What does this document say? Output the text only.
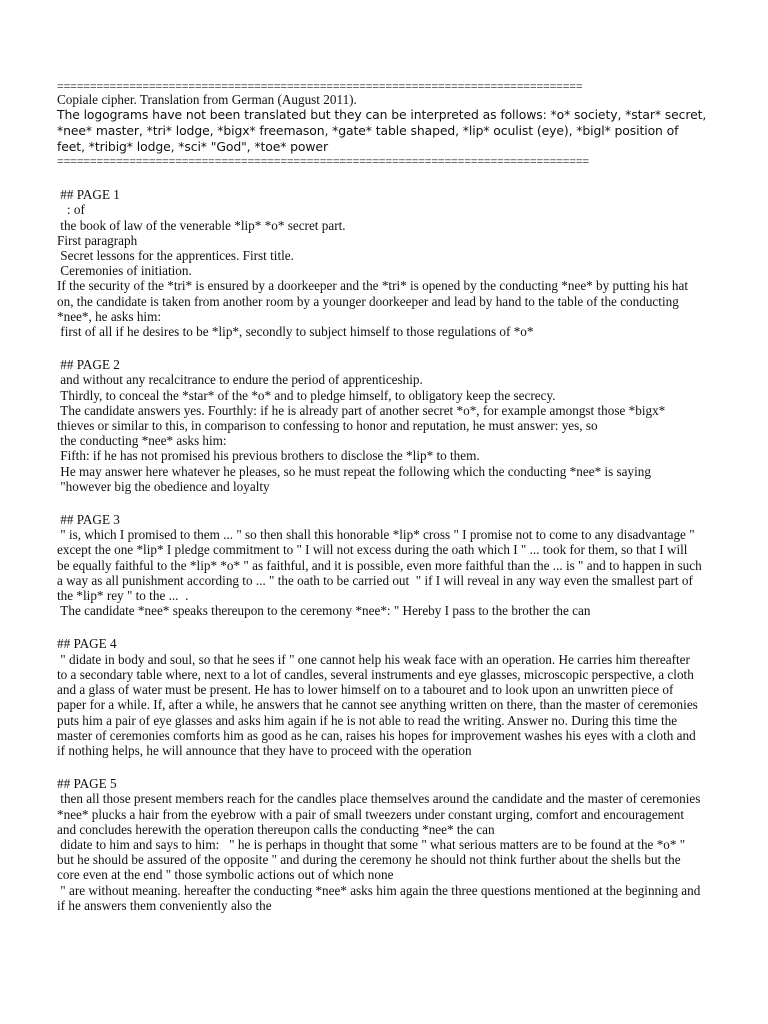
================================================================================

Copiale cipher. Translation from German (August 2011).

The logograms have not been translated but they can be interpreted as follows: *o* society, *star* secret, *nee* master, *tri* lodge, *bigx* freemason, *gate* table shaped, *lip* oculist (eye), *bigl* position of feet, *tribig* lodge, *sci* "God", *toe* power

=================================================================================

## PAGE 1

: of

the book of law of the venerable *lip* *o* secret part.

First paragraph

Secret lessons for the apprentices. First title.

Ceremonies of initiation.

If the security of the *tri* is ensured by a doorkeeper and the *tri* is opened by the conducting *nee* by putting his hat on, the candidate is taken from another room by a younger doorkeeper and lead by hand to the table of the conducting *nee*, he asks him:

first of all if he desires to be *lip*, secondly to subject himself to those regulations of *o*

## PAGE 2

and without any recalcitrance to endure the period of apprenticeship.

Thirdly, to conceal the *star* of the *o* and to pledge himself, to obligatory keep the secrecy.

The candidate answers yes. Fourthly: if he is already part of another secret *o*, for example amongst those *bigx* thieves or similar to this, in comparison to confessing to honor and reputation, he must answer: yes, so

the conducting *nee* asks him:

Fifth: if he has not promised his previous brothers to disclose the *lip* to them.

He may answer here whatever he pleases, so he must repeat the following which the conducting *nee* is saying

"however big the obedience and loyalty

## PAGE 3

" is, which I promised to them ... " so then shall this honorable *lip* cross " I promise not to come to any disadvantage " except the one *lip* I pledge commitment to " I will not excess during the oath which I " ... took for them, so that I will be equally faithful to the *lip* *o* " as faithful, and it is possible, even more faithful than the ... is " and to happen in such a way as all punishment according to ... " the oath to be carried out  " if I will reveal in any way even the smallest part of the *lip* rey " to the ...  .

The candidate *nee* speaks thereupon to the ceremony *nee*: " Hereby I pass to the brother the can

## PAGE 4

" didate in body and soul, so that he sees if " one cannot help his weak face with an operation. He carries him thereafter to a secondary table where, next to a lot of candles, several instruments and eye glasses, microscopic perspective, a cloth and a glass of water must be present. He has to lower himself on to a tabouret and to look upon an unwritten piece of paper for a while. If, after a while, he answers that he cannot see anything written on there, than the master of ceremonies puts him a pair of eye glasses and asks him again if he is not able to read the writing. Answer no. During this time the master of ceremonies comforts him as good as he can, raises his hopes for improvement washes his eyes with a cloth and if nothing helps, he will announce that they have to proceed with the operation

## PAGE 5

then all those present members reach for the candles place themselves around the candidate and the master of ceremonies *nee* plucks a hair from the eyebrow with a pair of small tweezers under constant urging, comfort and encouragement and concludes herewith the operation thereupon calls the conducting *nee* the can

didate to him and says to him:   " he is perhaps in thought that some " what serious matters are to be found at the *o* " but he should be assured of the opposite " and during the ceremony he should not think further about the shells but the core even at the end " those symbolic actions out of which none

" are without meaning. hereafter the conducting *nee* asks him again the three questions mentioned at the beginning and if he answers them conveniently also the
